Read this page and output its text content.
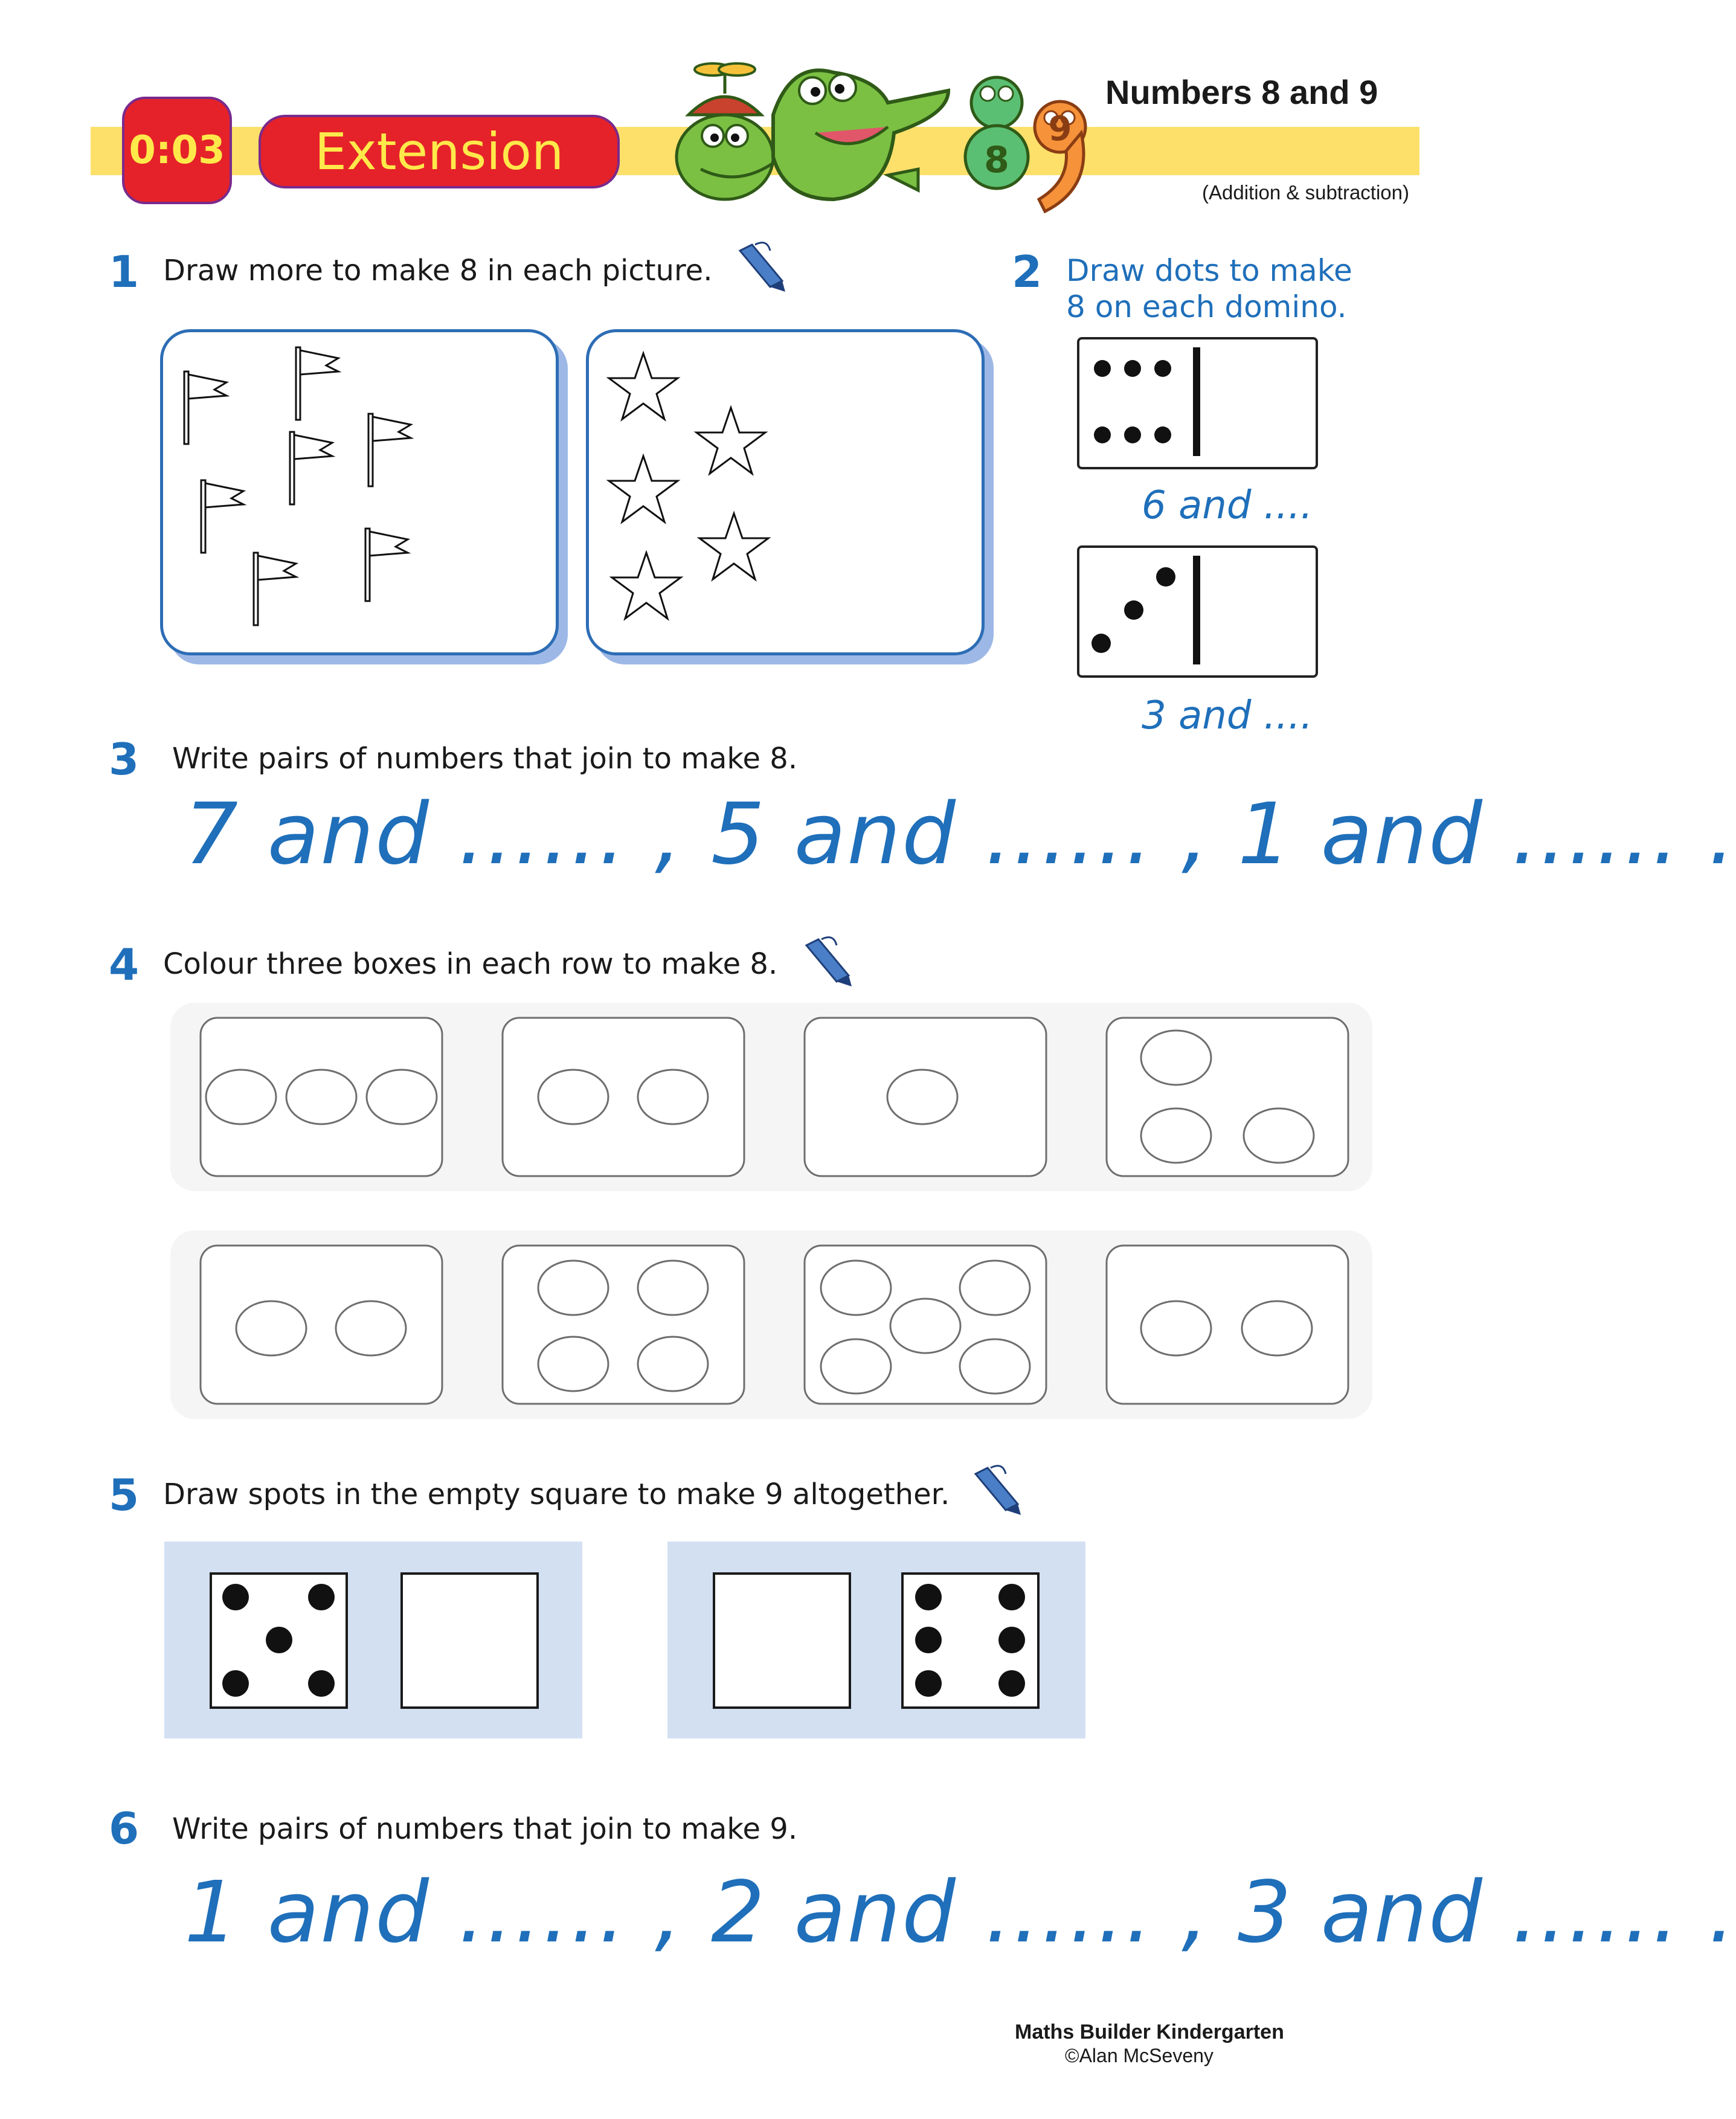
0:03 Extension	8
9
Numbers 8 and 9
(Addition & subtraction)
1 Draw more to make 8 in each picture.	2 Draw dots to make
8 on each domino.
6 and ....
3 and ....
3 Write pairs of numbers that join to make 8.
7 and ...... , 5 and ...... , 1 and ...... .
4 Colour three boxes in each row to make 8.
5 Draw spots in the empty square to make 9 altogether.
6 Write pairs of numbers that join to make 9.
1 and ...... , 2 and ...... , 3 and ...... .
Maths Builder Kindergarten
©Alan McSeveny
